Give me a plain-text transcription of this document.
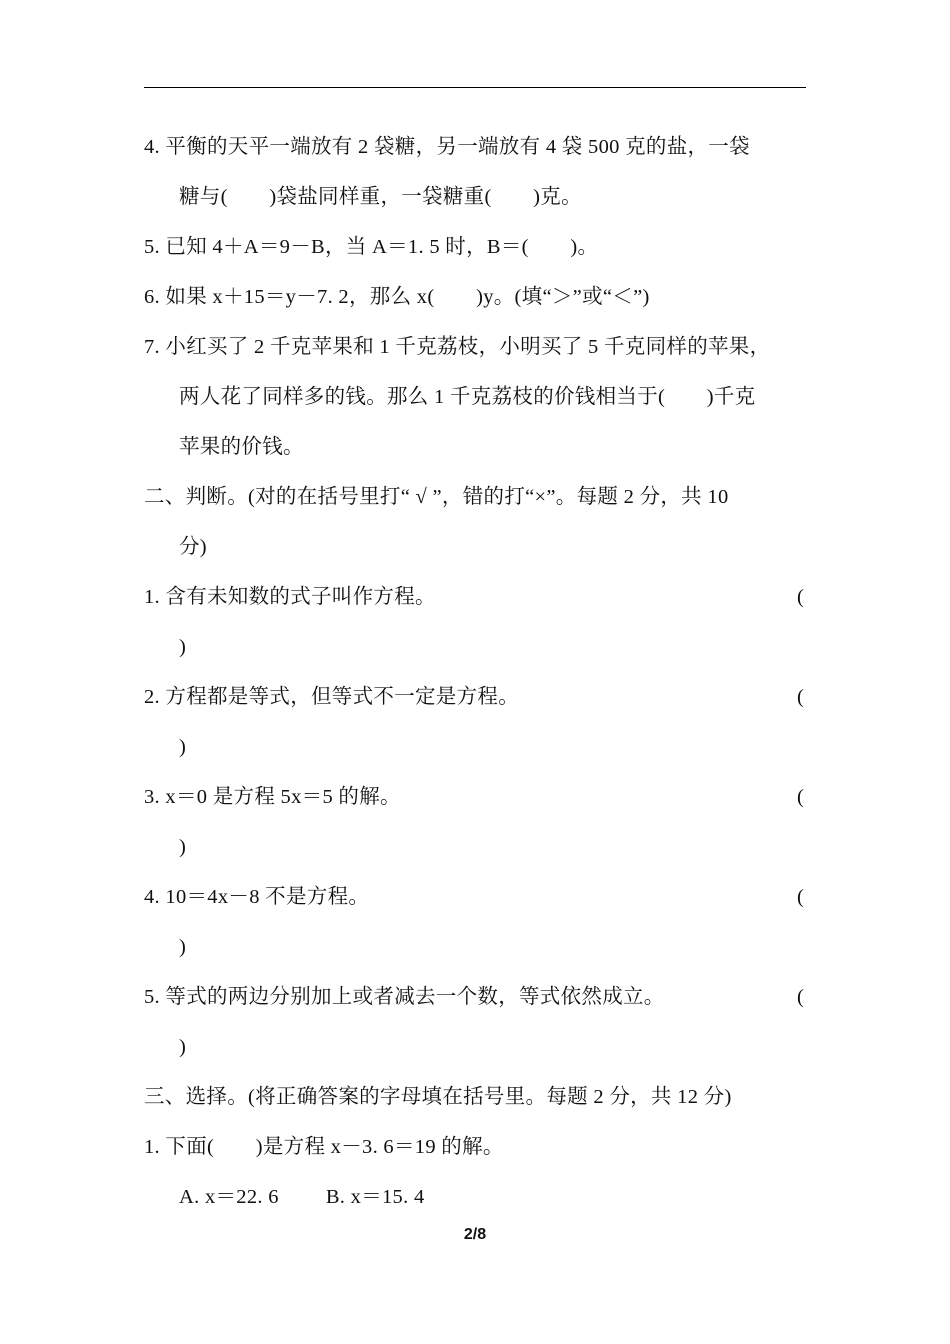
4. 平衡的天平一端放有 2 袋糖，另一端放有 4 袋 500 克的盐，一袋
糖与(　　)袋盐同样重，一袋糖重(　　)克。
5. 已知 4＋A＝9－B，当 A＝1. 5 时，B＝(　　)。
6. 如果 x＋15＝y－7. 2，那么 x(　　)y。(填“＞”或“＜”)
7. 小红买了 2 千克苹果和 1 千克荔枝，小明买了 5 千克同样的苹果，
两人花了同样多的钱。那么 1 千克荔枝的价钱相当于(　　)千克
苹果的价钱。
二、判断。(对的在括号里打“ √ ”，错的打“×”。每题 2 分，共 10
分)
1. 含有未知数的式子叫作方程。	(
)
2. 方程都是等式，但等式不一定是方程。	(
)
3. x＝0 是方程 5x＝5 的解。	(
)
4. 10＝4x－8 不是方程。	(
)
5. 等式的两边分别加上或者减去一个数，等式依然成立。	(
)
三、选择。(将正确答案的字母填在括号里。每题 2 分，共 12 分)
1. 下面(　　)是方程 x－3. 6＝19 的解。
A. x＝22. 6　　 B. x＝15. 4
2/8
